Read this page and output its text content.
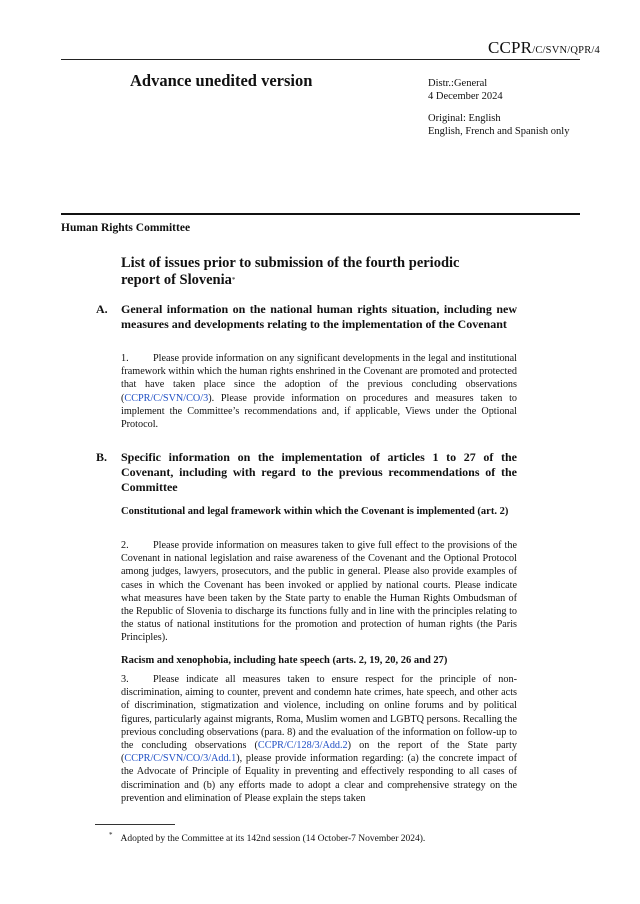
CCPR/C/SVN/QPR/4
Advance unedited version	Distr.:General
4 December 2024
Original: English
English, French and Spanish only
Human Rights Committee
List of issues prior to submission of the fourth periodic
report of Slovenia*
A. General information on the national human rights situation, including new measures and developments relating to the implementation of the Covenant
1. Please provide information on any significant developments in the legal and institutional framework within which the human rights enshrined in the Covenant are promoted and protected that have taken place since the adoption of the previous concluding observations (CCPR/C/SVN/CO/3). Please provide information on procedures and measures taken to implement the Committee’s recommendations and, if applicable, Views under the Optional Protocol.
B. Specific information on the implementation of articles 1 to 27 of the Covenant, including with regard to the previous recommendations of the Committee
Constitutional and legal framework within which the Covenant is implemented (art. 2)
2. Please provide information on measures taken to give full effect to the provisions of the Covenant in national legislation and raise awareness of the Covenant and the Optional Protocol among judges, lawyers, prosecutors, and the public in general. Please also provide examples of cases in which the Covenant has been invoked or applied by national courts. Please indicate what measures have been taken by the State party to enable the Human Rights Ombudsman of the Republic of Slovenia to discharge its functions fully and in line with the principles relating to the status of national institutions for the promotion and protection of human rights (the Paris Principles).
Racism and xenophobia, including hate speech (arts. 2, 19, 20, 26 and 27)
3. Please indicate all measures taken to ensure respect for the principle of non-discrimination, aiming to counter, prevent and condemn hate crimes, hate speech, and other acts of discrimination, stigmatization and violence, including on online forums and by political figures, particularly against migrants, Roma, Muslim women and LGBTQ persons. Recalling the previous concluding observations (para. 8) and the evaluation of the information on follow-up to the concluding observations (CCPR/C/128/3/Add.2) on the report of the State party (CCPR/C/SVN/CO/3/Add.1), please provide information regarding: (a) the concrete impact of the Advocate of Principle of Equality in preventing and effectively responding to all cases of discrimination and (b) any efforts made to adopt a clear and comprehensive strategy on the prevention and elimination of Please explain the steps taken
* Adopted by the Committee at its 142nd session (14 October-7 November 2024).
